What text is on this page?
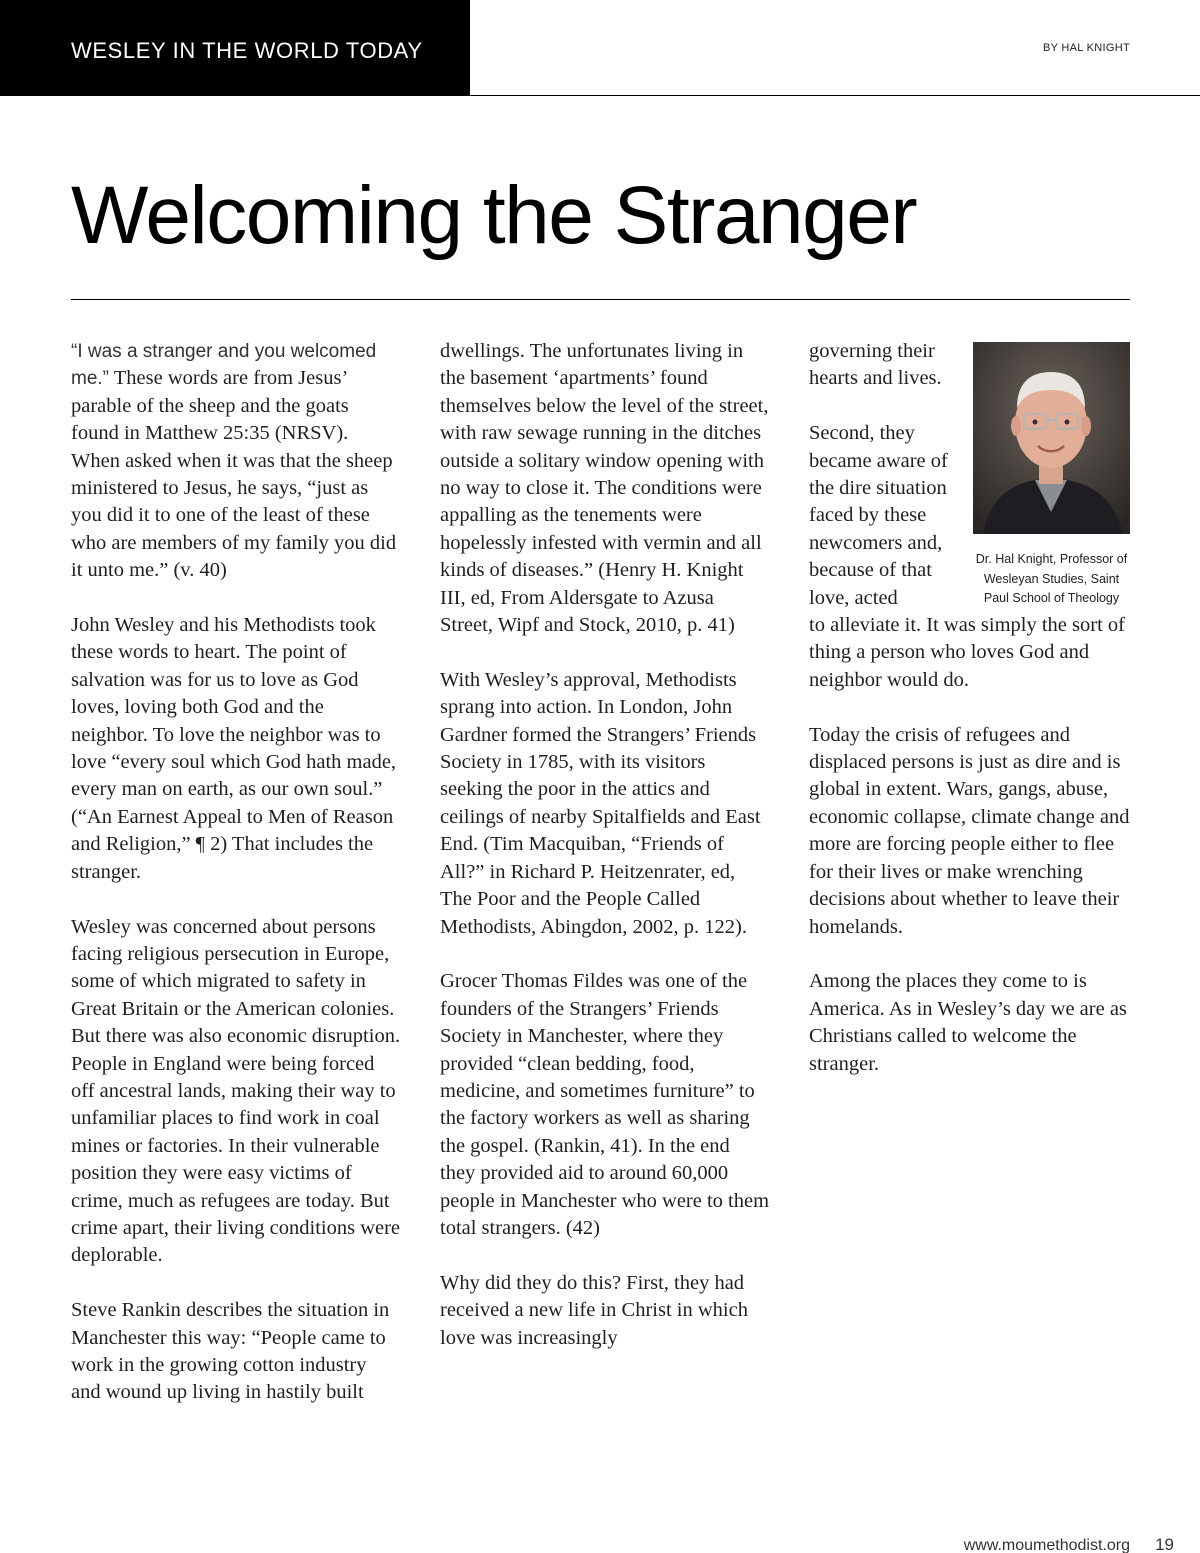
WESLEY IN THE WORLD TODAY	BY HAL KNIGHT
Welcoming the Stranger

“I was a stranger and you welcomed me.” These words are from Jesus’ parable of the sheep and the goats found in Matthew 25:35 (NRSV). When asked when it was that the sheep ministered to Jesus, he says, “just as you did it to one of the least of these who are members of my family you did it unto me.” (v. 40)

John Wesley and his Methodists took these words to heart. The point of salvation was for us to love as God loves, loving both God and the neighbor. To love the neighbor was to love “every soul which God hath made, every man on earth, as our own soul.” (“An Earnest Appeal to Men of Reason and Religion,” ¶ 2) That includes the stranger.

Wesley was concerned about persons facing religious persecution in Europe, some of which migrated to safety in Great Britain or the American colonies. But there was also economic disruption. People in England were being forced off ancestral lands, making their way to unfamiliar places to find work in coal mines or factories. In their vulnerable position they were easy victims of crime, much as refugees are today. But crime apart, their living conditions were deplorable.

Steve Rankin describes the situation in Manchester this way: “People came to work in the growing cotton industry and wound up living in hastily built

dwellings. The unfortunates living in the basement ‘apartments’ found themselves below the level of the street, with raw sewage running in the ditches outside a solitary window opening with no way to close it. The conditions were appalling as the tenements were hopelessly infested with vermin and all kinds of diseases.” (Henry H. Knight III, ed, From Aldersgate to Azusa Street, Wipf and Stock, 2010, p. 41)

With Wesley’s approval, Methodists sprang into action. In London, John Gardner formed the Strangers’ Friends Society in 1785, with its visitors seeking the poor in the attics and ceilings of nearby Spitalfields and East End. (Tim Macquiban, “Friends of All?” in Richard P. Heitzenrater, ed, The Poor and the People Called Methodists, Abingdon, 2002, p. 122).

Grocer Thomas Fildes was one of the founders of the Strangers’ Friends Society in Manchester, where they provided “clean bedding, food, medicine, and sometimes furniture” to the factory workers as well as sharing the gospel. (Rankin, 41). In the end they provided aid to around 60,000 people in Manchester who were to them total strangers. (42)

Why did they do this? First, they had received a new life in Christ in which love was increasingly

governing their hearts and lives.

Second, they became aware of the dire situation faced by these newcomers and, because of that love, acted

to alleviate it. It was simply the sort of thing a person who loves God and neighbor would do.

Today the crisis of refugees and displaced persons is just as dire and is global in extent. Wars, gangs, abuse, economic collapse, climate change and more are forcing people either to flee for their lives or make wrenching decisions about whether to leave their homelands.

Among the places they come to is America. As in Wesley’s day we are as Christians called to welcome the stranger.

Dr. Hal Knight, Professor of Wesleyan Studies, Saint Paul School of Theology
www.moumethodist.org 19
